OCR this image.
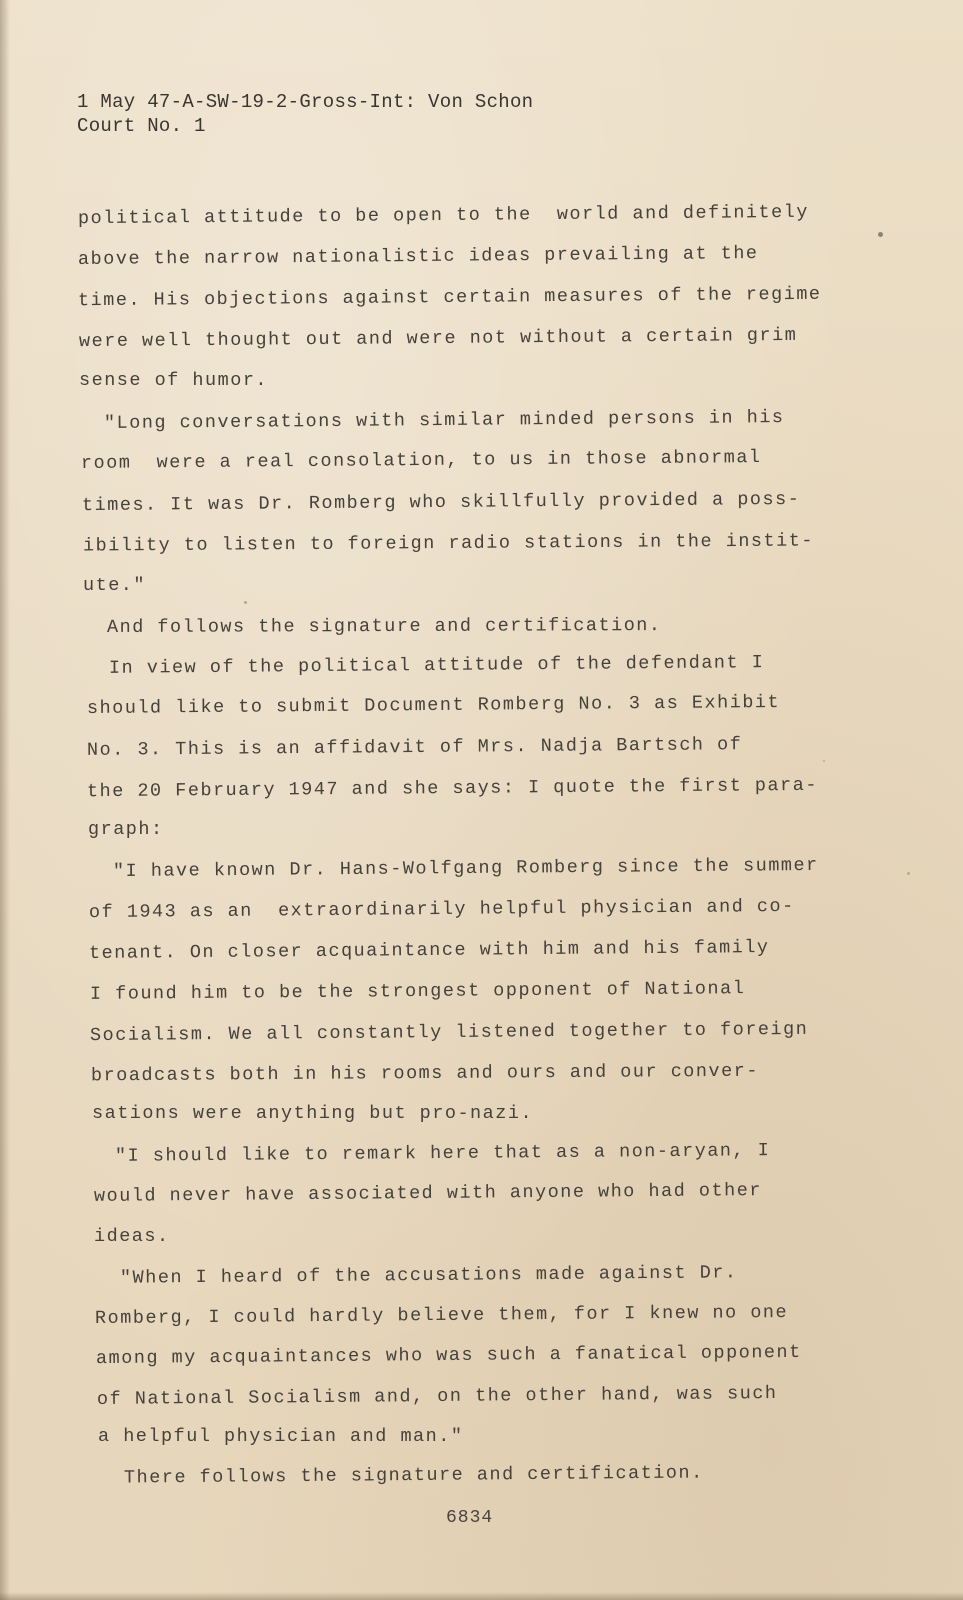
1 May 47-A-SW-19-2-Gross-Int: Von Schon
Court No. 1
political attitude to be open to the  world and definitely
above the narrow nationalistic ideas prevailing at the
time. His objections against certain measures of the regime
were well thought out and were not without a certain grim
sense of humor.
"Long conversations with similar minded persons in his
room  were a real consolation, to us in those abnormal
times. It was Dr. Romberg who skillfully provided a poss-
ibility to listen to foreign radio stations in the instit-
ute."
And follows the signature and certification.
In view of the political attitude of the defendant I
should like to submit Document Romberg No. 3 as Exhibit
No. 3. This is an affidavit of Mrs. Nadja Bartsch of
the 20 February 1947 and she says: I quote the first para-
graph:
"I have known Dr. Hans-Wolfgang Romberg since the summer
of 1943 as an  extraordinarily helpful physician and co-
tenant. On closer acquaintance with him and his family
I found him to be the strongest opponent of National
Socialism. We all constantly listened together to foreign
broadcasts both in his rooms and ours and our conver-
sations were anything but pro-nazi.
"I should like to remark here that as a non-aryan, I
would never have associated with anyone who had other
ideas.
"When I heard of the accusations made against Dr.
Romberg, I could hardly believe them, for I knew no one
among my acquaintances who was such a fanatical opponent
of National Socialism and, on the other hand, was such
a helpful physician and man."
There follows the signature and certification.
6834
